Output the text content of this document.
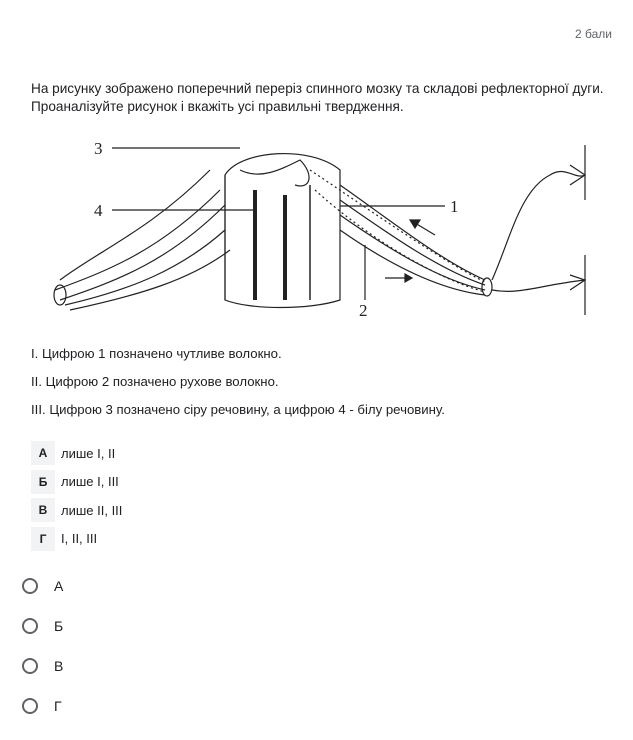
2 бали
На рисунку зображено поперечний переріз спинного мозку та складові рефлекторної дуги. Проаналізуйте рисунок і вкажіть усі правильні твердження.
3
4	1
2
І. Цифрою 1 позначено чутливе волокно.
ІІ. Цифрою 2 позначено рухове волокно.
ІІІ. Цифрою 3 позначено сіру речовину, а цифрою 4 - білу речовину.
А	лише І, ІІ
Б	лише І, ІІІ
В	лише ІІ, ІІІ
Г	І, ІІ, ІІІ
А
Б
В
Г
